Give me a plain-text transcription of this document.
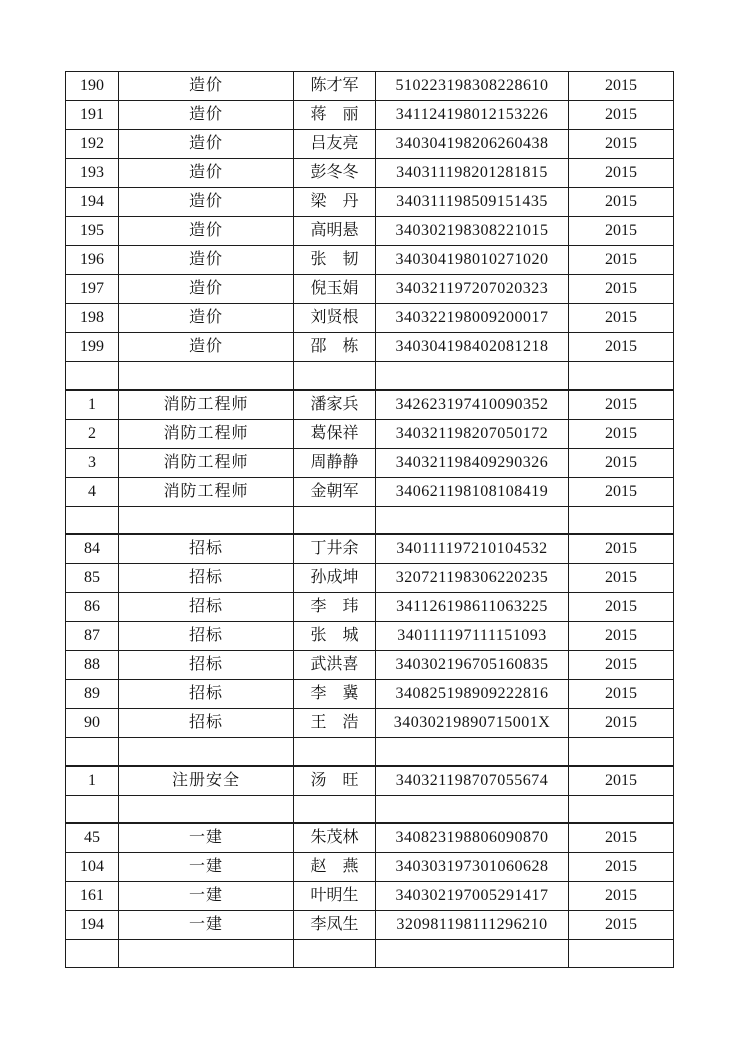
190	造价	陈才军	510223198308228610	2015
191	造价	蒋　丽	341124198012153226	2015
192	造价	吕友亮	340304198206260438	2015
193	造价	彭冬冬	340311198201281815	2015
194	造价	梁　丹	340311198509151435	2015
195	造价	高明悬	340302198308221015	2015
196	造价	张　韧	340304198010271020	2015
197	造价	倪玉娟	340321197207020323	2015
198	造价	刘贤根	340322198009200017	2015
199	造价	邵　栋	340304198402081218	2015

1	消防工程师	潘家兵	342623197410090352	2015
2	消防工程师	葛保祥	340321198207050172	2015
3	消防工程师	周静静	340321198409290326	2015
4	消防工程师	金朝军	340621198108108419	2015

84	招标	丁井余	340111197210104532	2015
85	招标	孙成坤	320721198306220235	2015
86	招标	李　玮	341126198611063225	2015
87	招标	张　城	340111197111151093	2015
88	招标	武洪喜	340302196705160835	2015
89	招标	李　冀	340825198909222816	2015
90	招标	王　浩	34030219890715001X	2015

1	注册安全	汤　旺	340321198707055674	2015

45	一建	朱茂林	340823198806090870	2015
104	一建	赵　燕	340303197301060628	2015
161	一建	叶明生	340302197005291417	2015
194	一建	李凤生	320981198111296210	2015
